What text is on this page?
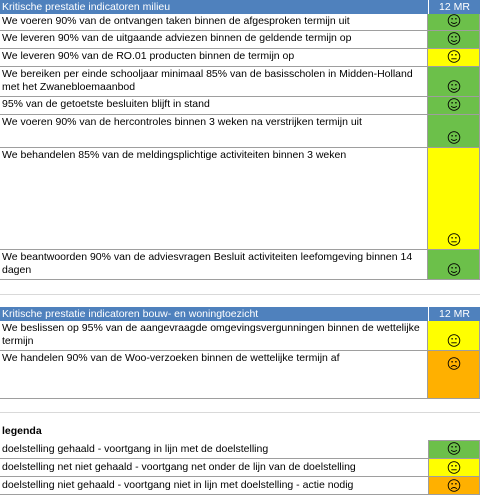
Kritische prestatie indicatoren milieu	12 MR
We voeren 90% van de ontvangen taken binnen de afgesproken termijn uit
We leveren 90% van de uitgaande adviezen binnen de geldende termijn op
We leveren 90% van de RO.01 producten binnen de termijn op
We bereiken per einde schooljaar minimaal 85% van de basisscholen in Midden-Holland met het Zwanebloemaanbod
95% van de getoetste besluiten blijft in stand
We voeren 90% van de hercontroles binnen 3 weken na verstrijken termijn uit
We behandelen 85% van de meldingsplichtige activiteiten binnen 3 weken
We beantwoorden 90% van de adviesvragen Besluit activiteiten leefomgeving binnen 14 dagen
Kritische prestatie indicatoren bouw- en woningtoezicht	12 MR
We beslissen op 95% van de aangevraagde omgevingsvergunningen binnen de wettelijke termijn
We handelen 90% van de Woo-verzoeken binnen de wettelijke termijn af
legenda
doelstelling gehaald - voortgang in lijn met de doelstelling
doelstelling net niet gehaald - voortgang net onder de lijn van de doelstelling
doelstelling niet gehaald - voortgang niet in lijn met doelstelling - actie nodig
